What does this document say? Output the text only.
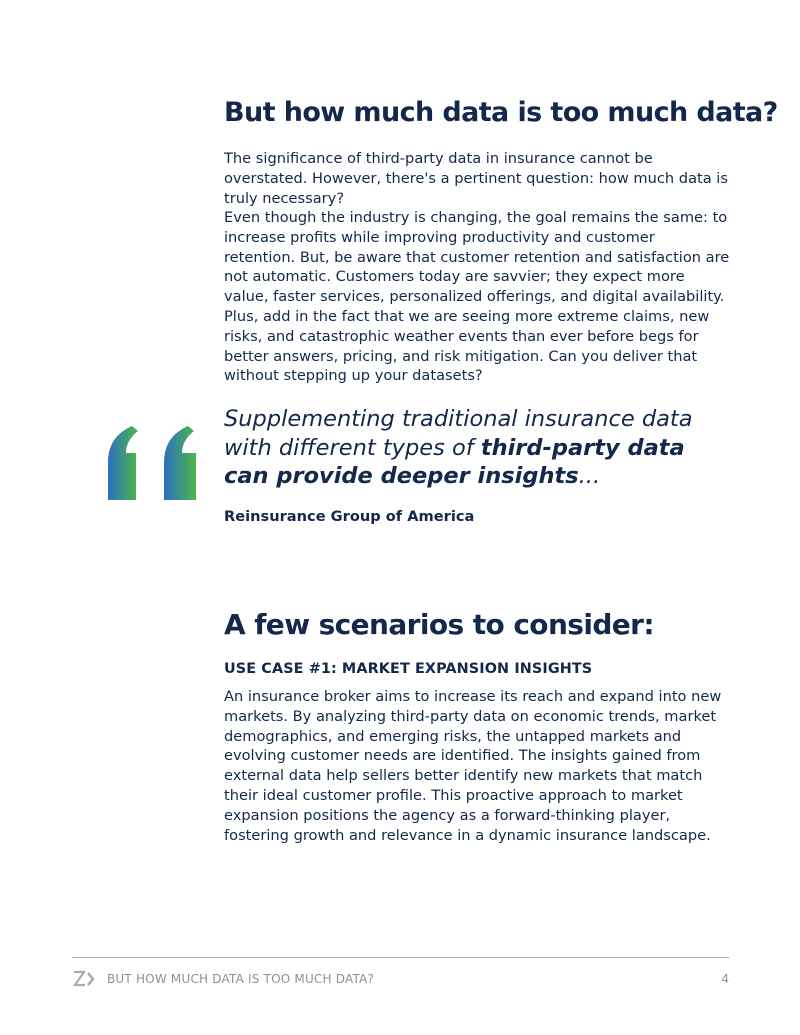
But how much data is too much data?

The significance of third-party data in insurance cannot be overstated. However, there's a pertinent question: how much data is truly necessary?

Even though the industry is changing, the goal remains the same: to increase profits while improving productivity and customer retention. But, be aware that customer retention and satisfaction are not automatic. Customers today are savvier; they expect more value, faster services, personalized offerings, and digital availability. Plus, add in the fact that we are seeing more extreme claims, new risks, and catastrophic weather events than ever before begs for better answers, pricing, and risk mitigation. Can you deliver that without stepping up your datasets?

Supplementing traditional insurance data with different types of third-party data can provide deeper insights...

Reinsurance Group of America
A few scenarios to consider:
USE CASE #1: MARKET EXPANSION INSIGHTS

An insurance broker aims to increase its reach and expand into new markets. By analyzing third-party data on economic trends, market demographics, and emerging risks, the untapped markets and evolving customer needs are identified. The insights gained from external data help sellers better identify new markets that match their ideal customer profile. This proactive approach to market expansion positions the agency as a forward-thinking player, fostering growth and relevance in a dynamic insurance landscape.

BUT HOW MUCH DATA IS TOO MUCH DATA?	4
